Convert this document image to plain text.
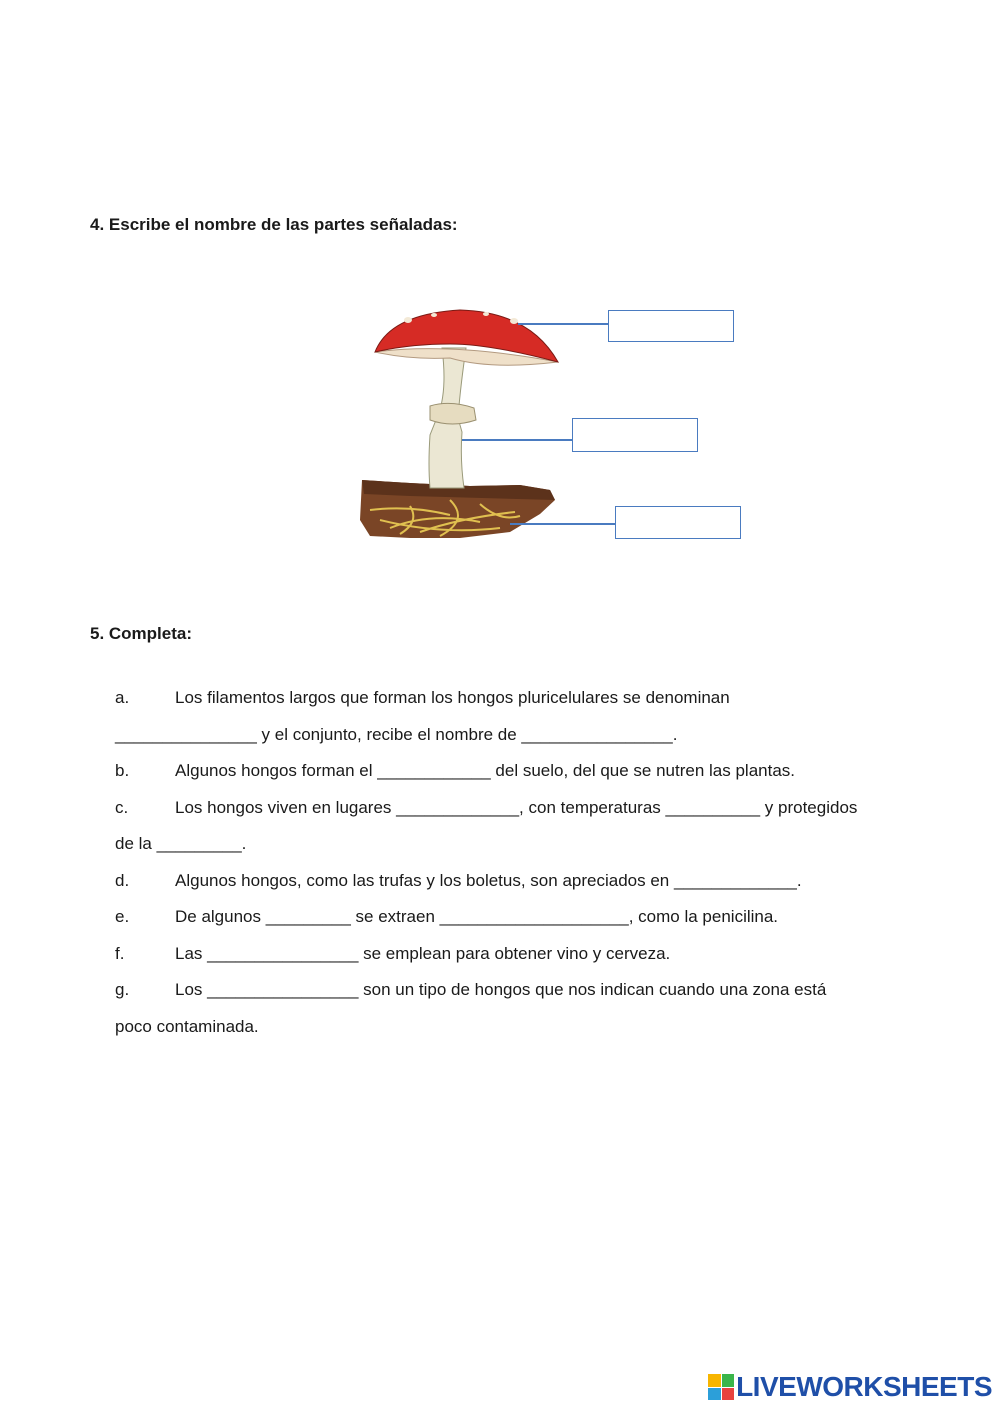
4. Escribe el nombre de las partes señaladas:
5. Completa:
a.	Los filamentos largos que forman los hongos pluricelulares se denominan
_______________ y el conjunto, recibe el nombre de ________________.
b.	Algunos hongos forman el ____________ del suelo, del que se nutren las plantas.
c.	Los hongos viven en lugares _____________, con temperaturas __________ y protegidos
de la _________.
d.	Algunos hongos, como las trufas y los boletus, son apreciados en _____________.
e.	De algunos _________ se extraen ____________________, como la penicilina.
f.	Las ________________ se emplean para obtener vino y cerveza.
g.	Los ________________ son un tipo de hongos que nos indican cuando una zona está
poco contaminada.
LIVEWORKSHEETS
